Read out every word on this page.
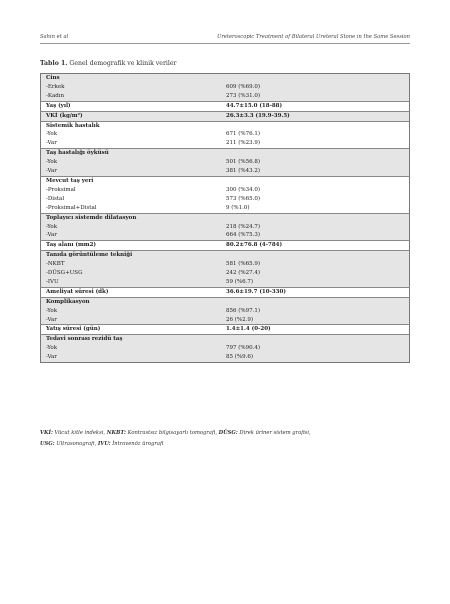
Sahin et al	Ureteroscopic Treatment of Bilateral Ureteral Stone in the Same Session
Tablo 1. Genel demografik ve klinik veriler
Cins	
-Erkek	609 (%69.0)
-Kadın	273 (%31.0)
Yaş (yıl)	44.7±15.0 (18-88)
VKİ (kg/m²)	26.3±3.3 (19.9-39.5)
Sistemik hastalık	
-Yok	671 (%76.1)
-Var	211 (%23.9)
Taş hastalığı öyküsü	
-Yok	501 (%56.8)
-Var	381 (%43.2)
Mevcut taş yeri	
-Proksimal	300 (%34.0)
-Distal	573 (%65.0)
-Proksimal+Distal	9 (%1.0)
Toplayıcı sistemde dilatasyon	
-Yok	218 (%24.7)
-Var	664 (%75.3)
Taş alanı (mm2)	80.2±76.8 (4-784)
Tanıda görüntüleme tekniği	
-NKBT	581 (%65.9)
-DÜSG+USG	242 (%27.4)
-IVU	59 (%6.7)
Ameliyat süresi (dk)	36.6±19.7 (10-330)
Komplikasyon	
-Yok	856 (%97.1)
-Var	26 (%2.9)
Yatış süresi (gün)	1.4±1.4 (0-20)
Tedavi sonrası rezidü taş	
-Yok	797 (%90.4)
-Var	85 (%9.6)
VKİ: Vücut kitle indeksi, NKBT: Kontrastsız bilgisayarlı tomografi, DÜSG: Direk üriner sistem grafisi,
USG: Ultrasonografi, IVU: İntravenöz ürografi
